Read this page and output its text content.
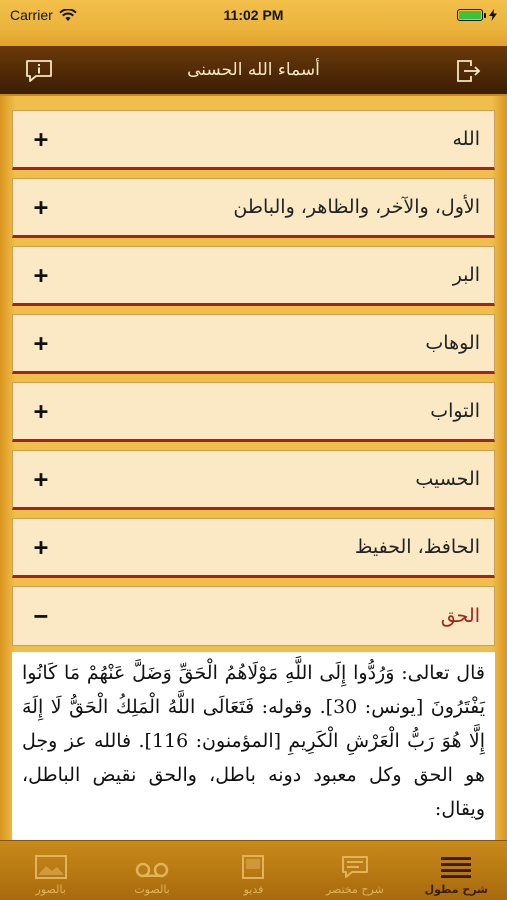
Carrier	11:02 PM
أسماء الله الحسنى
+	الله
+	الأول، والآخر، والظاهر، والباطن
+	البر
+	الوهاب
+	التواب
+	الحسيب
+	الحافظ، الحفيظ
−	الحق

قال تعالى: وَرُدُّوا إِلَى اللَّهِ مَوْلَاهُمُ الْحَقِّ وَضَلَّ عَنْهُمْ مَا كَانُوا يَفْتَرُونَ [يونس: 30]. وقوله: فَتَعَالَى اللَّهُ الْمَلِكُ الْحَقُّ لَا إِلَهَ إِلَّا هُوَ رَبُّ الْعَرْشِ الْكَرِيمِ [المؤمنون: 116]. فالله عز وجل هو الحق وكل معبود دونه باطل، والحق نقيض الباطل، ويقال:

شرح مطول
شرح مختصر
فديو
بالصوت
بالصور
